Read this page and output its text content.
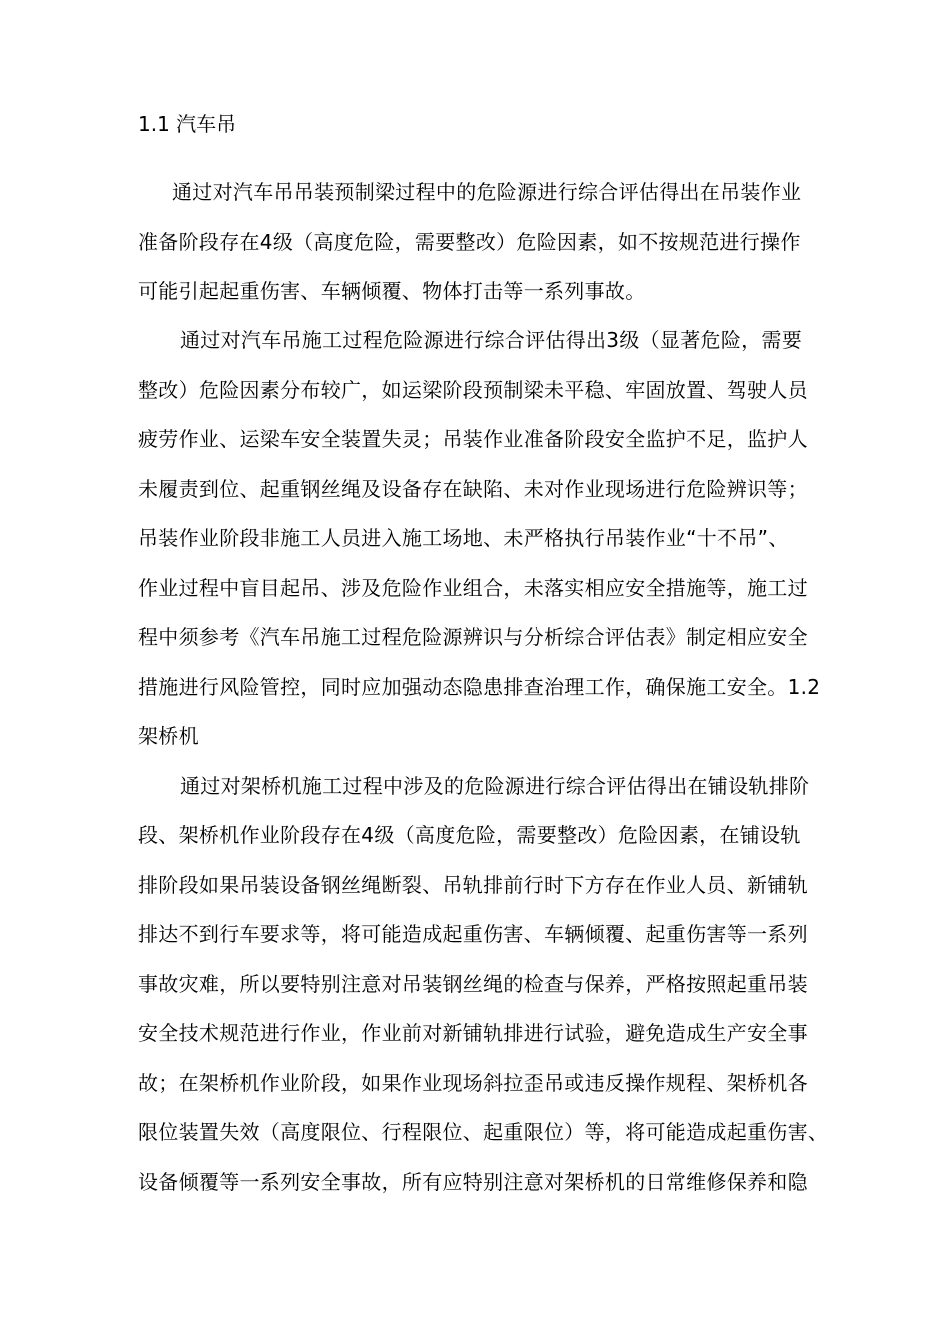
1.1 汽车吊
通过对汽车吊吊装预制梁过程中的危险源进行综合评估得出在吊装作业
准备阶段存在4级（高度危险，需要整改）危险因素，如不按规范进行操作
可能引起起重伤害、车辆倾覆、物体打击等一系列事故。
通过对汽车吊施工过程危险源进行综合评估得出3级（显著危险，需要
整改）危险因素分布较广，如运梁阶段预制梁未平稳、牢固放置、驾驶人员
疲劳作业、运梁车安全装置失灵；吊装作业准备阶段安全监护不足，监护人
未履责到位、起重钢丝绳及设备存在缺陷、未对作业现场进行危险辨识等；
吊装作业阶段非施工人员进入施工场地、未严格执行吊装作业“十不吊”、
作业过程中盲目起吊、涉及危险作业组合，未落实相应安全措施等，施工过
程中须参考《汽车吊施工过程危险源辨识与分析综合评估表》制定相应安全
措施进行风险管控，同时应加强动态隐患排查治理工作，确保施工安全。1.2
架桥机
通过对架桥机施工过程中涉及的危险源进行综合评估得出在铺设轨排阶
段、架桥机作业阶段存在4级（高度危险，需要整改）危险因素，在铺设轨
排阶段如果吊装设备钢丝绳断裂、吊轨排前行时下方存在作业人员、新铺轨
排达不到行车要求等，将可能造成起重伤害、车辆倾覆、起重伤害等一系列
事故灾难，所以要特别注意对吊装钢丝绳的检查与保养，严格按照起重吊装
安全技术规范进行作业，作业前对新铺轨排进行试验，避免造成生产安全事
故；在架桥机作业阶段，如果作业现场斜拉歪吊或违反操作规程、架桥机各
限位装置失效（高度限位、行程限位、起重限位）等，将可能造成起重伤害、
设备倾覆等一系列安全事故，所有应特别注意对架桥机的日常维修保养和隐
